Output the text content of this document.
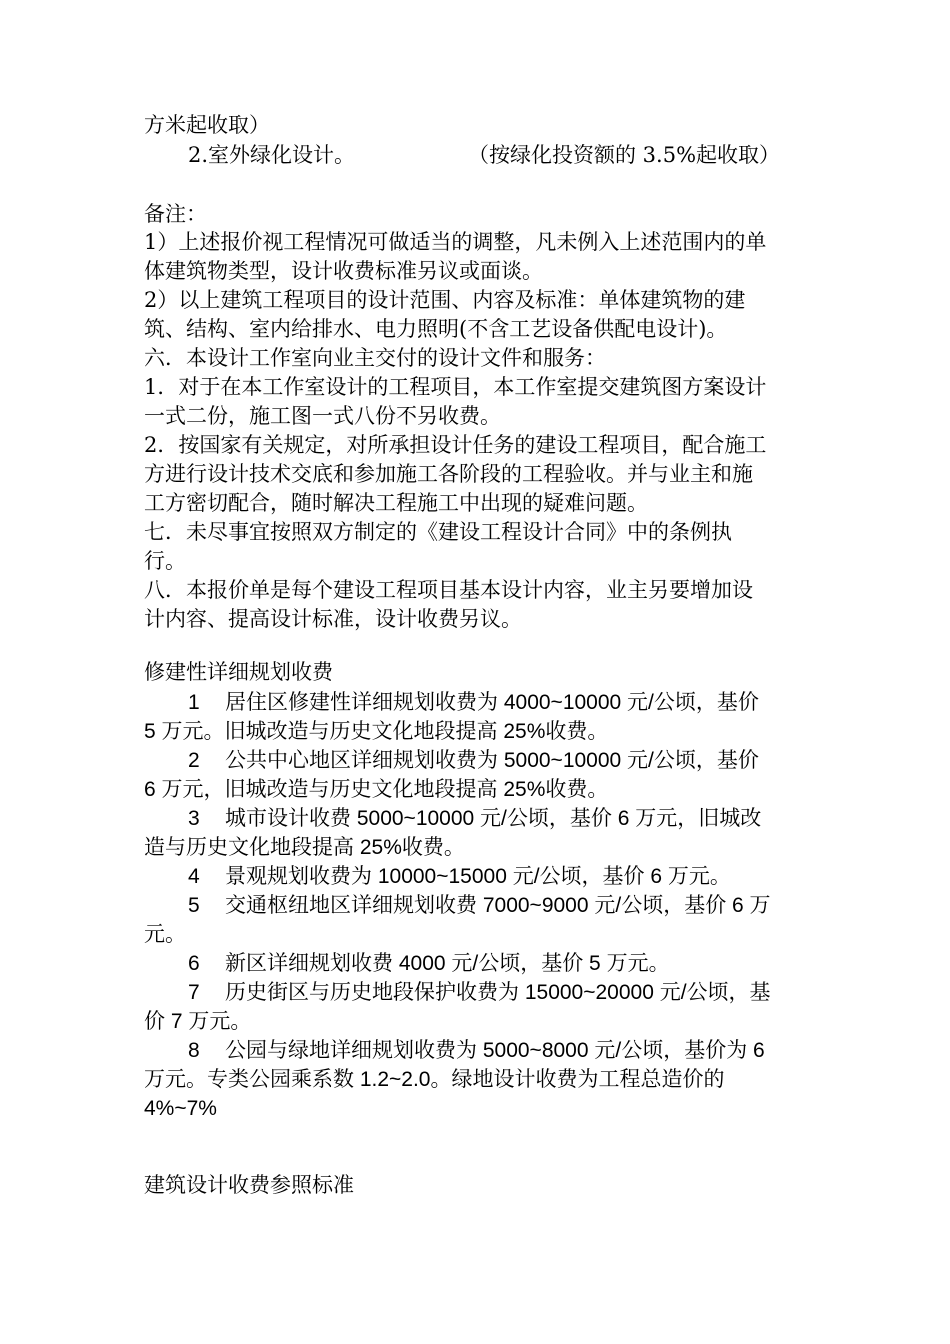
方米起收取）
2.室外绿化设计。	（按绿化投资额的 3.5%起收取）
备注：
1）上述报价视工程情况可做适当的调整，凡未例入上述范围内的单
体建筑物类型，设计收费标准另议或面谈。
2）以上建筑工程项目的设计范围、内容及标准：单体建筑物的建
筑、结构、室内给排水、电力照明(不含工艺设备供配电设计)。
六．本设计工作室向业主交付的设计文件和服务：
1．对于在本工作室设计的工程项目，本工作室提交建筑图方案设计
一式二份，施工图一式八份不另收费。
2．按国家有关规定，对所承担设计任务的建设工程项目，配合施工
方进行设计技术交底和参加施工各阶段的工程验收。并与业主和施
工方密切配合，随时解决工程施工中出现的疑难问题。
七．未尽事宜按照双方制定的《建设工程设计合同》中的条例执
行。
八．本报价单是每个建设工程项目基本设计内容，业主另要增加设
计内容、提高设计标准，设计收费另议。
修建性详细规划收费
1 居住区修建性详细规划收费为 4000~10000 元/公顷，基价
5 万元。旧城改造与历史文化地段提高 25%收费。
2 公共中心地区详细规划收费为 5000~10000 元/公顷，基价
6 万元，旧城改造与历史文化地段提高 25%收费。
3 城市设计收费 5000~10000 元/公顷，基价 6 万元，旧城改
造与历史文化地段提高 25%收费。
4 景观规划收费为 10000~15000 元/公顷，基价 6 万元。
5 交通枢纽地区详细规划收费 7000~9000 元/公顷，基价 6 万
元。
6 新区详细规划收费 4000 元/公顷，基价 5 万元。
7 历史街区与历史地段保护收费为 15000~20000 元/公顷，基
价 7 万元。
8 公园与绿地详细规划收费为 5000~8000 元/公顷，基价为 6
万元。专类公园乘系数 1.2~2.0。绿地设计收费为工程总造价的
4%~7%
建筑设计收费参照标准
